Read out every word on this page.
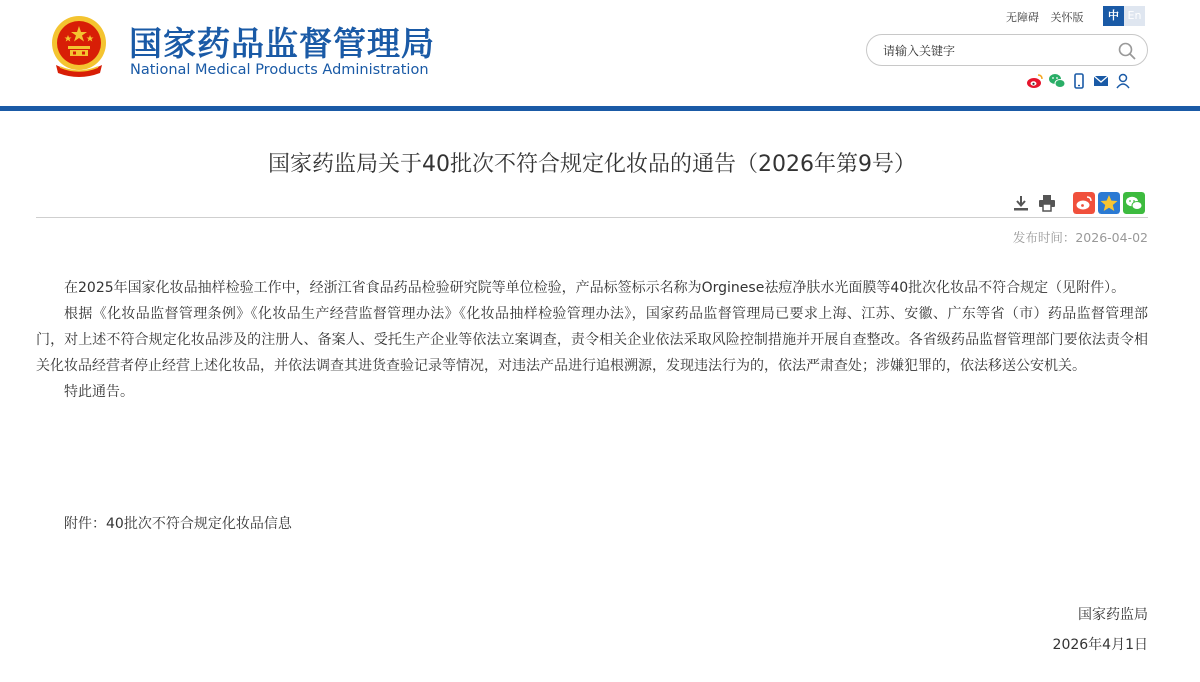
国家药品监督管理局
National Medical Products Administration
无障碍 关怀版	中 En
请输入关键字
国家药监局关于40批次不符合规定化妆品的通告（2026年第9号）
发布时间：2026-04-02

在2025年国家化妆品抽样检验工作中，经浙江省食品药品检验研究院等单位检验，产品标签标示名称为Orginese祛痘净肤水光面膜等40批次化妆品不符合规定（见附件）。

根据《化妆品监督管理条例》《化妆品生产经营监督管理办法》《化妆品抽样检验管理办法》，国家药品监督管理局已要求上海、江苏、安徽、广东等省（市）药品监督管理部门，对上述不符合规定化妆品涉及的注册人、备案人、受托生产企业等依法立案调查，责令相关企业依法采取风险控制措施并开展自查整改。各省级药品监督管理部门要依法责令相关化妆品经营者停止经营上述化妆品，并依法调查其进货查验记录等情况，对违法产品进行追根溯源，发现违法行为的，依法严肃查处；涉嫌犯罪的，依法移送公安机关。

特此通告。

附件：40批次不符合规定化妆品信息
国家药监局
2026年4月1日
